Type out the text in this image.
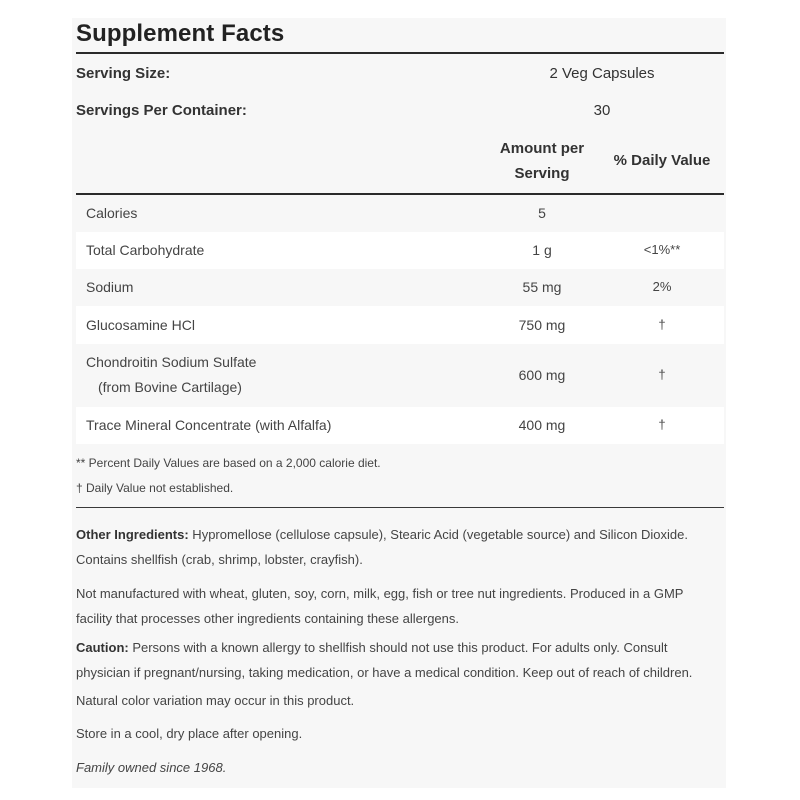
Supplement Facts
Serving Size:	2 Veg Capsules
Servings Per Container:	30
Amount per
Serving
% Daily Value
Calories	5
Total Carbohydrate	1 g	<1%**
Sodium	55 mg	2%
Glucosamine HCl	750 mg	†
Chondroitin Sodium Sulfate
(from Bovine Cartilage)
600 mg	†
Trace Mineral Concentrate (with Alfalfa)	400 mg	†
** Percent Daily Values are based on a 2,000 calorie diet.
† Daily Value not established.
Other Ingredients: Hypromellose (cellulose capsule), Stearic Acid (vegetable source) and Silicon Dioxide.
Contains shellfish (crab, shrimp, lobster, crayfish).
Not manufactured with wheat, gluten, soy, corn, milk, egg, fish or tree nut ingredients. Produced in a GMP
facility that processes other ingredients containing these allergens.
Caution: Persons with a known allergy to shellfish should not use this product. For adults only. Consult
physician if pregnant/nursing, taking medication, or have a medical condition. Keep out of reach of children.
Natural color variation may occur in this product.
Store in a cool, dry place after opening.
Family owned since 1968.
